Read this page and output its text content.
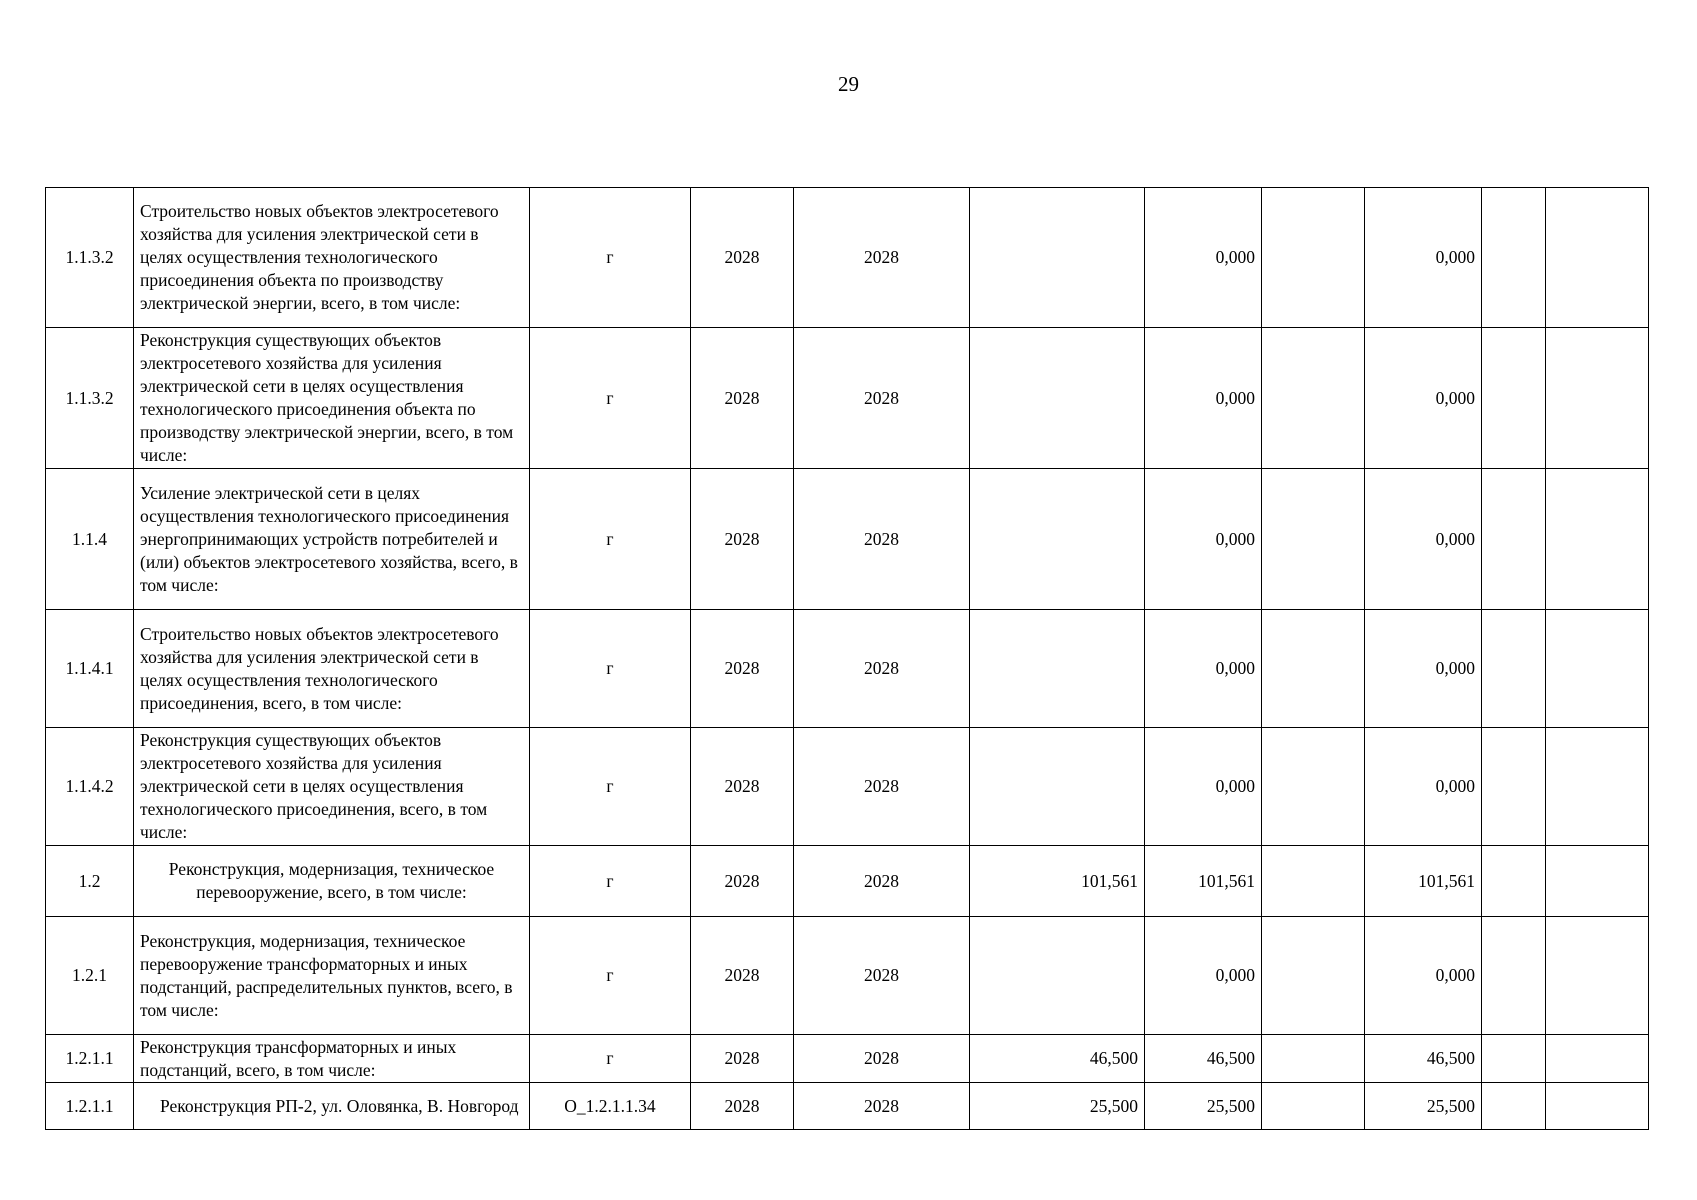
29
1.1.3.2	Строительство новых объектов электросетевого хозяйства для усиления электрической сети в целях осуществления технологического присоединения объекта по производству электрической энергии, всего, в том числе:	г	2028	2028		0,000		0,000		
1.1.3.2	Реконструкция существующих объектов электросетевого хозяйства для усиления электрической сети в целях осуществления технологического присоединения объекта по производству электрической энергии, всего, в том числе:	г	2028	2028		0,000		0,000		
1.1.4	Усиление электрической сети в целях осуществления технологического присоединения энергопринимающих устройств потребителей и (или) объектов электросетевого хозяйства, всего, в том числе:	г	2028	2028		0,000		0,000		
1.1.4.1	Строительство новых объектов электросетевого хозяйства для усиления электрической сети в целях осуществления технологического присоединения, всего, в том числе:	г	2028	2028		0,000		0,000		
1.1.4.2	Реконструкция существующих объектов электросетевого хозяйства для усиления электрической сети в целях осуществления технологического присоединения, всего, в том числе:	г	2028	2028		0,000		0,000		
1.2	Реконструкция, модернизация, техническое перевооружение, всего, в том числе:	г	2028	2028	101,561	101,561		101,561		
1.2.1	Реконструкция, модернизация, техническое перевооружение трансформаторных и иных подстанций, распределительных пунктов, всего, в том числе:	г	2028	2028		0,000		0,000		
1.2.1.1	Реконструкция трансформаторных и иных подстанций, всего, в том числе:	г	2028	2028	46,500	46,500		46,500		
1.2.1.1	Реконструкция РП-2, ул. Оловянка, В. Новгород	О_1.2.1.1.34	2028	2028	25,500	25,500		25,500		
